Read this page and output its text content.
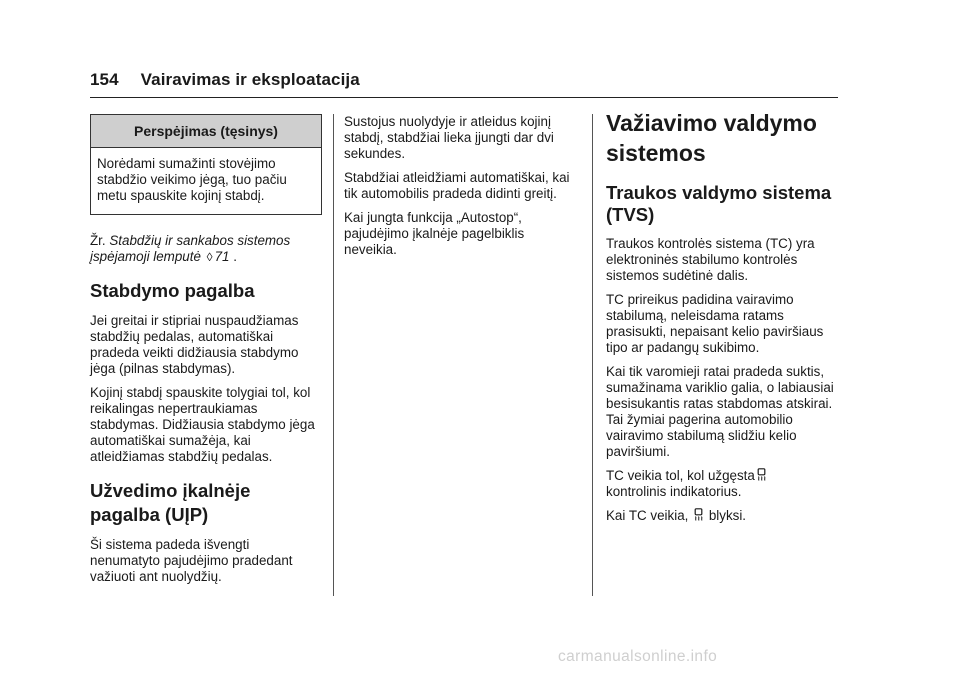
154 Vairavimas ir eksploatacija
Perspėjimas (tęsinys)
Norėdami sumažinti stovėjimo stabdžio veikimo jėgą, tuo pačiu metu spauskite kojinį stabdį.

Žr. Stabdžių ir sankabos sistemos įspėjamoji lemputė ◊ 71 .

Stabdymo pagalba

Jei greitai ir stipriai nuspaudžiamas stabdžių pedalas, automatiškai pradeda veikti didžiausia stabdymo jėga (pilnas stabdymas).

Kojinį stabdį spauskite tolygiai tol, kol reikalingas nepertraukiamas stabdymas. Didžiausia stabdymo jėga automatiškai sumažėja, kai atleidžiamas stabdžių pedalas.

Užvedimo įkalnėje pagalba (UĮP)

Ši sistema padeda išvengti nenumatyto pajudėjimo pradedant važiuoti ant nuolydžių.

Sustojus nuolydyje ir atleidus kojinį stabdį, stabdžiai lieka įjungti dar dvi sekundes.

Stabdžiai atleidžiami automatiškai, kai tik automobilis pradeda didinti greitį.

Kai jungta funkcija „Autostop“, pajudėjimo įkalnėje pagelbiklis neveikia.

Važiavimo valdymo sistemos
Traukos valdymo sistema (TVS)

Traukos kontrolės sistema (TC) yra elektroninės stabilumo kontrolės sistemos sudėtinė dalis.

TC prireikus padidina vairavimo stabilumą, neleisdama ratams prasisukti, nepaisant kelio paviršiaus tipo ar padangų sukibimo.

Kai tik varomieji ratai pradeda suktis, sumažinama variklio galia, o labiausiai besisukantis ratas stabdomas atskirai. Tai žymiai pagerina automobilio vairavimo stabilumą slidžiu kelio paviršiumi.

TC veikia tol, kol užgęsta
kontrolinis indikatorius.

Kai TC veikia, blyksi.

carmanualsonline.info
